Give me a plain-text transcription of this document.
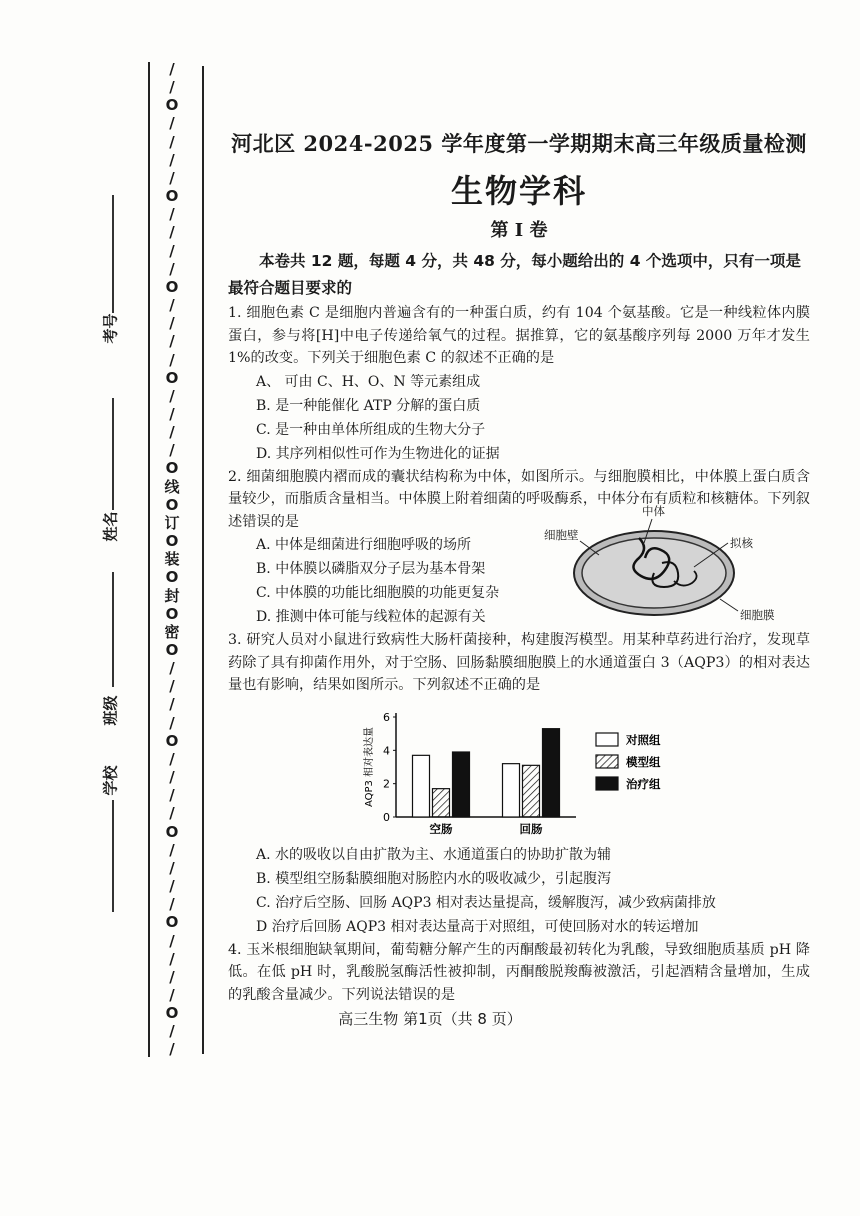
/
/
O
/
/
/
/
O
/
/
/
/
O
/
/
/
/
O
/
/
/
/
O
线
O
订
O
装
O
封
O
密
O
/
/
/
/
O
/
/
/
/
O
/
/
/
/
O
/
/
/
/
O
/
/
考号
姓名
班级
学校
河北区 2024-2025 学年度第一学期期末高三年级质量检测
生物学科
第 I 卷

本卷共 12 题，每题 4 分，共 48 分，每小题给出的 4 个选项中，只有一项是最符合题目要求的

1. 细胞色素 C 是细胞内普遍含有的一种蛋白质，约有 104 个氨基酸。它是一种线粒体内膜蛋白，参与将[H]中电子传递给氧气的过程。据推算，它的氨基酸序列每 2000 万年才发生 1%的改变。下列关于细胞色素 C 的叙述不正确的是

A、 可由 C、H、O、N 等元素组成
B. 是一种能催化 ATP 分解的蛋白质
C. 是一种由单体所组成的生物大分子
D. 其序列相似性可作为生物进化的证据

2. 细菌细胞膜内褶而成的囊状结构称为中体，如图所示。与细胞膜相比，中体膜上蛋白质含量较少，而脂质含量相当。中体膜上附着细菌的呼吸酶系，中体分布有质粒和核糖体。下列叙述错误的是

A. 中体是细菌进行细胞呼吸的场所
B. 中体膜以磷脂双分子层为基本骨架
C. 中体膜的功能比细胞膜的功能更复杂
D. 推测中体可能与线粒体的起源有关
中体
细胞壁
拟核
细胞膜

3. 研究人员对小鼠进行致病性大肠杆菌接种，构建腹泻模型。用某种草药进行治疗，发现草药除了具有抑菌作用外，对于空肠、回肠黏膜细胞膜上的水通道蛋白 3（AQP3）的相对表达量也有影响，结果如图所示。下列叙述不正确的是

0
2
4
6
AQP3 相对表达量
空肠	回肠
对照组
模型组
治疗组
A. 水的吸收以自由扩散为主、水通道蛋白的协助扩散为辅
B. 模型组空肠黏膜细胞对肠腔内水的吸收减少，引起腹泻
C. 治疗后空肠、回肠 AQP3 相对表达量提高，缓解腹泻，减少致病菌排放
D 治疗后回肠 AQP3 相对表达量高于对照组，可使回肠对水的转运增加

4. 玉米根细胞缺氧期间，葡萄糖分解产生的丙酮酸最初转化为乳酸，导致细胞质基质 pH 降低。在低 pH 时，乳酸脱氢酶活性被抑制，丙酮酸脱羧酶被激活，引起酒精含量增加，生成的乳酸含量减少。下列说法错误的是

高三生物 第1页（共 8 页）
